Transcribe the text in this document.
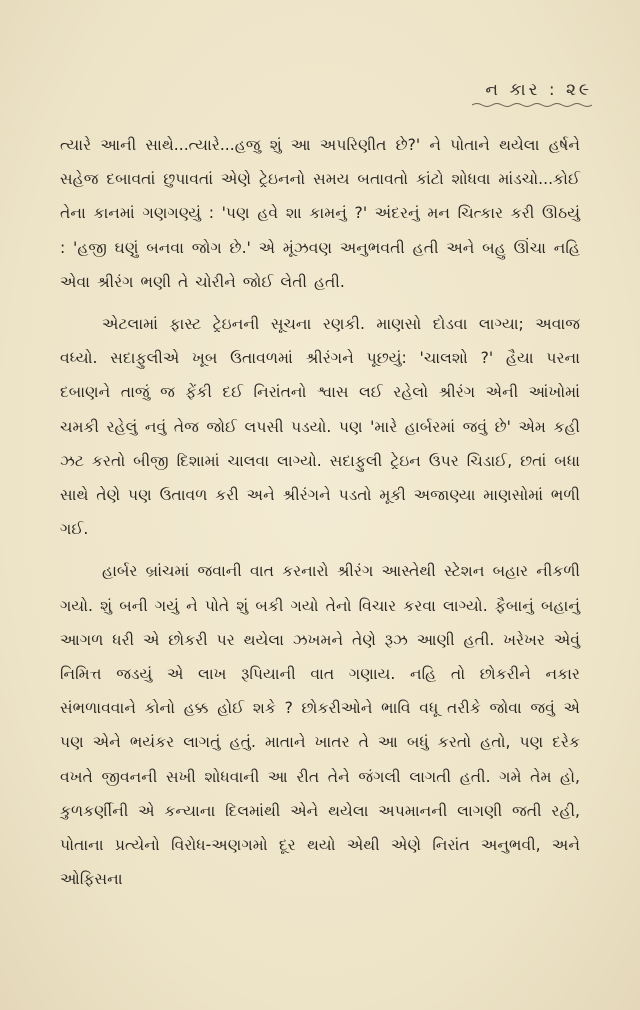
ન કાર : ૨૯

ત્યારે આની સાથે...ત્યારે...હજુ શું આ અપરિણીત છે?' ને પોતાને થયેલા હર્ષને સહેજ દબાવતાં છુપાવતાં એણે ટ્રેઇનનો સમય બતાવતો કાંટો શોધવા માંડચો...કોઈ તેના કાનમાં ગણગણ્યું : 'પણ હવે શા કામનું ?' અંદરનું મન ચિત્કાર કરી ઊઠયું : 'હજી ઘણું બનવા જોગ છે.' એ મૂંઝવણ અનુભવતી હતી અને બહુ ઊંચા નહિ એવા શ્રીરંગ ભણી તે ચોરીને જોઈ લેતી હતી.

એટલામાં ફાસ્ટ ટ્રેઇનની સૂચના રણકી. માણસો દોડવા લાગ્યા; અવાજ વધ્યો. સદાફુલીએ ખૂબ ઉતાવળમાં શ્રીરંગને પૂછયું: 'ચાલશો ?' હૈયા પરના દબાણને તાજું જ ફેંકી દઈ નિરાંતનો શ્વાસ લઈ રહેલો શ્રીરંગ એની આંખોમાં ચમકી રહેલું નવું તેજ જોઈ લપસી પડયો. પણ 'મારે હાર્બરમાં જવું છે' એમ કહી ઝટ કરતો બીજી દિશામાં ચાલવા લાગ્યો. સદાફુલી ટ્રેઇન ઉપર ચિડાઈ, છતાં બધા સાથે તેણે પણ ઉતાવળ કરી અને શ્રીરંગને પડતો મૂકી અજાણ્યા માણસોમાં ભળી ગઈ.

હાર્બર બ્રાંચમાં જવાની વાત કરનારો શ્રીરંગ આસ્તેથી સ્ટેશન બહાર નીકળી ગયો. શું બની ગયું ને પોતે શું બકી ગયો તેનો વિચાર કરવા લાગ્યો. ફૈબાનું બહાનું આગળ ધરી એ છોકરી પર થયેલા ઝખમને તેણે રૂઝ આણી હતી. ખરેખર એવું નિમિત્ત જડયું એ લાખ રૂપિયાની વાત ગણાય. નહિ તો છોકરીને નકાર સંભળાવવાને કોનો હક્ક હોઈ શકે ? છોકરીઓને ભાવિ વધૂ તરીકે જોવા જવું એ પણ એને ભયંકર લાગતું હતું. માતાને ખાતર તે આ બધું કરતો હતો, પણ દરેક વખતે જીવનની સખી શોધવાની આ રીત તેને જંગલી લાગતી હતી. ગમે તેમ હો, કુળકર્ણીની એ કન્યાના દિલમાંથી એને થયેલા અપમાનની લાગણી જતી રહી, પોતાના પ્રત્યેનો વિરોધ-અણગમો દૂર થયો એથી એણે નિરાંત અનુભવી, અને ઓફિસના
